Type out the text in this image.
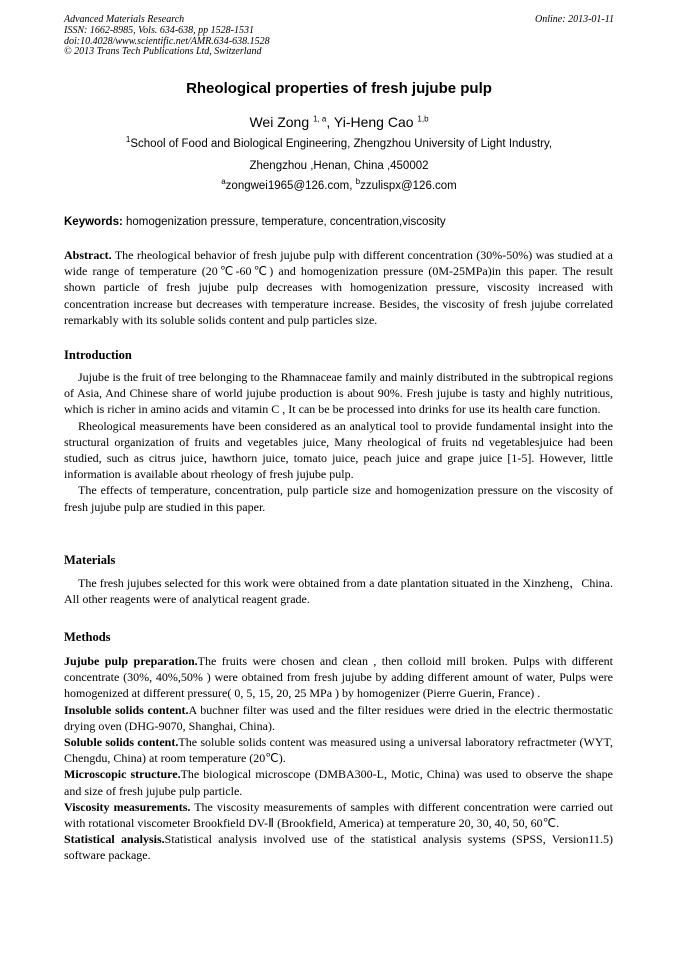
Advanced Materials Research
ISSN: 1662-8985, Vols. 634-638, pp 1528-1531
doi:10.4028/www.scientific.net/AMR.634-638.1528
© 2013 Trans Tech Publications Ltd, Switzerland
Online: 2013-01-11
Rheological properties of fresh jujube pulp
Wei Zong $^{1, a}$, Yi-Heng Cao $^{1,b}$
$^1$School of Food and Biological Engineering, Zhengzhou University of Light Industry,
Zhengzhou ,Henan, China ,450002
$^a$zongwei1965@126.com, $^b$zzulispx@126.com
Keywords: homogenization pressure, temperature, concentration,viscosity

Abstract. The rheological behavior of fresh jujube pulp with different concentration (30%-50%) was studied at a wide range of temperature (20℃-60℃) and homogenization pressure (0M-25MPa)in this paper. The result shown particle of fresh jujube pulp decreases with homogenization pressure, viscosity increased with concentration increase but decreases with temperature increase. Besides, the viscosity of fresh jujube correlated remarkably with its soluble solids content and pulp particles size.

Introduction

Jujube is the fruit of tree belonging to the Rhamnaceae family and mainly distributed in the subtropical regions of Asia, And Chinese share of world jujube production is about 90%. Fresh jujube is tasty and highly nutritious, which is richer in amino acids and vitamin C , It can be be processed into drinks for use its health care function.

Rheological measurements have been considered as an analytical tool to provide fundamental insight into the structural organization of fruits and vegetables juice, Many rheological of fruits nd vegetablesjuice had been studied, such as citrus juice, hawthorn juice, tomato juice, peach juice and grape juice [1-5]. However, little information is available about rheology of fresh jujube pulp.

The effects of temperature, concentration, pulp particle size and homogenization pressure on the viscosity of fresh jujube pulp are studied in this paper.

Materials

The fresh jujubes selected for this work were obtained from a date plantation situated in the Xinzheng，China. All other reagents were of analytical reagent grade.

Methods

Jujube pulp preparation.The fruits were chosen and clean , then colloid mill broken. Pulps with different concentrate (30%, 40%,50% ) were obtained from fresh jujube by adding different amount of water, Pulps were homogenized at different pressure( 0, 5, 15, 20, 25 MPa ) by homogenizer (Pierre Guerin, France) .

Insoluble solids content.A buchner filter was used and the filter residues were dried in the electric thermostatic drying oven (DHG-9070, Shanghai, China).

Soluble solids content.The soluble solids content was measured using a universal laboratory refractmeter (WYT, Chengdu, China) at room temperature (20℃).

Microscopic structure.The biological microscope (DMBA300-L, Motic, China) was used to observe the shape and size of fresh jujube pulp particle.

Viscosity measurements. The viscosity measurements of samples with different concentration were carried out with rotational viscometer Brookfield DV-Ⅱ (Brookfield, America) at temperature 20, 30, 40, 50, 60℃.

Statistical analysis.Statistical analysis involved use of the statistical analysis systems (SPSS, Version11.5) software package.
